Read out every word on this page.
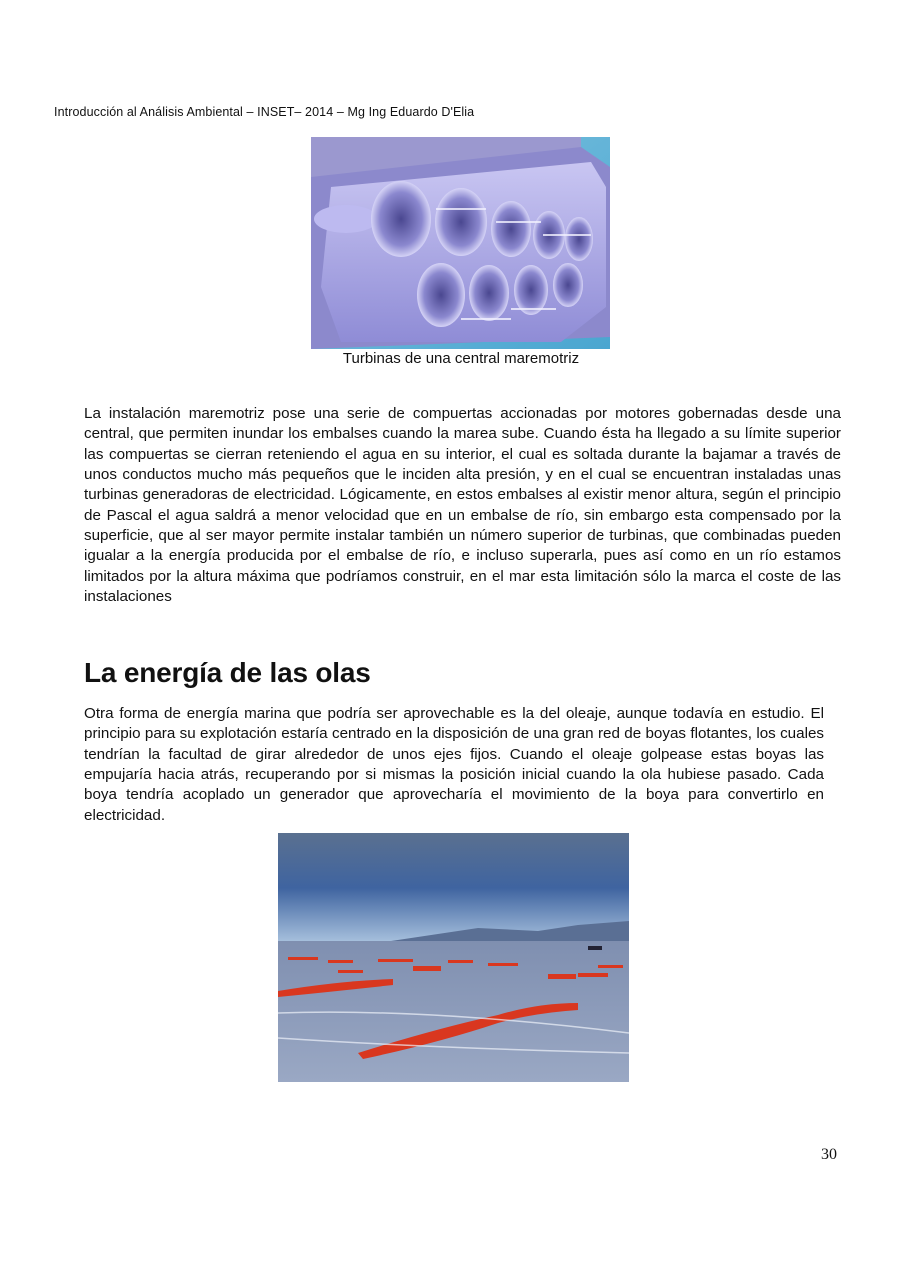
Introducción al Análisis Ambiental – INSET– 2014 – Mg Ing Eduardo D'Elia
Turbinas de una central maremotriz

La instalación maremotriz pose una serie de compuertas accionadas por motores gobernadas desde una central, que permiten inundar los embalses cuando la marea sube. Cuando ésta ha llegado a su límite superior las compuertas se cierran reteniendo el agua en su interior, el cual es soltada durante la bajamar a través de unos conductos mucho más pequeños que le inciden alta presión, y en el cual se encuentran instaladas unas turbinas generadoras de electricidad. Lógicamente, en estos embalses al existir menor altura, según el principio de Pascal el agua saldrá a menor velocidad que en un embalse de río, sin embargo esta compensado por la superficie, que al ser mayor permite instalar también un número superior de turbinas, que combinadas pueden igualar a la energía producida por el embalse de río, e incluso superarla, pues así como en un río estamos limitados por la altura máxima que podríamos construir, en el mar esta limitación sólo la marca el coste de las instalaciones

La energía de las olas

Otra forma de energía marina que podría ser aprovechable es la del oleaje, aunque todavía en estudio. El principio para su explotación estaría centrado en la disposición de una gran red de boyas flotantes, los cuales tendrían la facultad de girar alrededor de unos ejes fijos. Cuando el oleaje golpease estas boyas las empujaría hacia atrás, recuperando por si mismas la posición inicial cuando la ola hubiese pasado. Cada boya tendría acoplado un generador que aprovecharía el movimiento de la boya para convertirlo en electricidad.

30
